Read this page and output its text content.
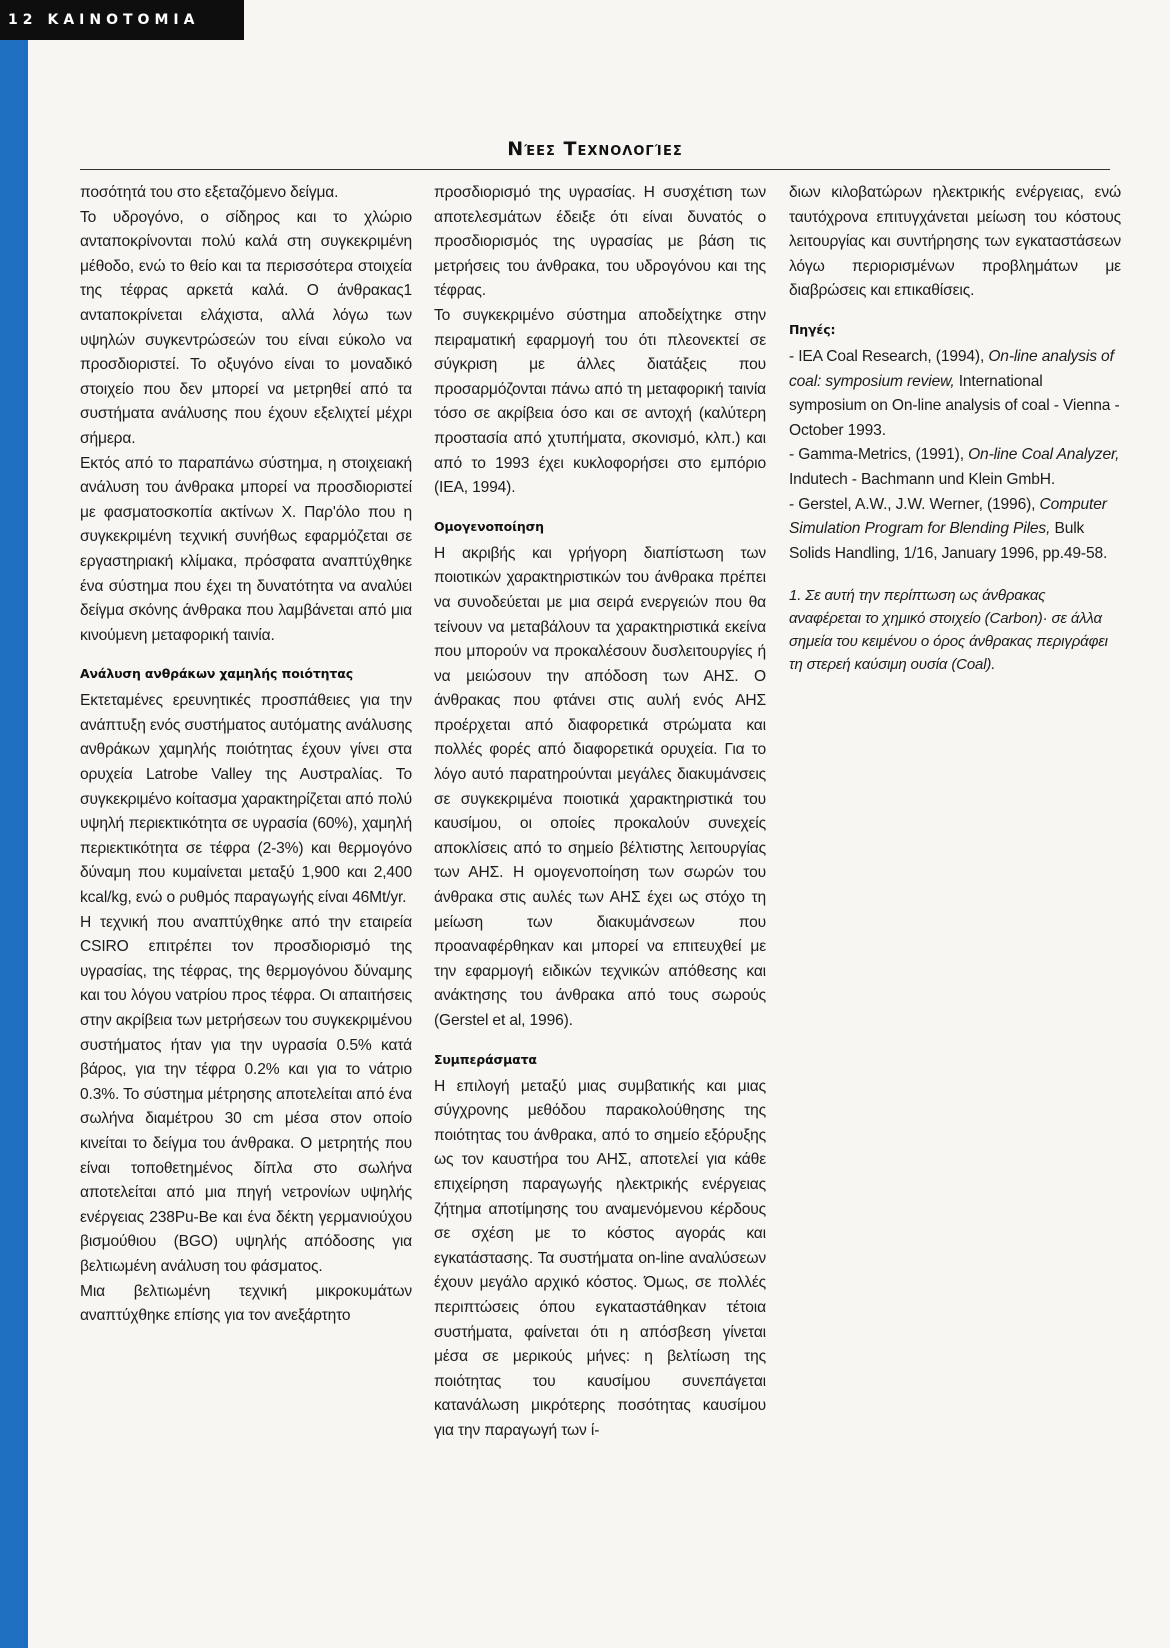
12 ΚΑΙΝΟΤΟΜΙΑ
Νέες Τεχνολογίες

ποσότητά του στο εξεταζόμενο δείγμα.

Το υδρογόνο, ο σίδηρος και το χλώριο ανταποκρίνονται πολύ καλά στη συγκεκριμένη μέθοδο, ενώ το θείο και τα περισσότερα στοιχεία της τέφρας αρκετά καλά. Ο άνθρακας1 ανταποκρίνεται ελάχιστα, αλλά λόγω των υψηλών συγκεντρώσεών του είναι εύκολο να προσδιοριστεί. Το οξυγόνο είναι το μοναδικό στοιχείο που δεν μπορεί να μετρηθεί από τα συστήματα ανάλυσης που έχουν εξελιχτεί μέχρι σήμερα.

Εκτός από το παραπάνω σύστημα, η στοιχειακή ανάλυση του άνθρακα μπορεί να προσδιοριστεί με φασματοσκοπία ακτίνων Χ. Παρ'όλο που η συγκεκριμένη τεχνική συνήθως εφαρμόζεται σε εργαστηριακή κλίμακα, πρόσφατα αναπτύχθηκε ένα σύστημα που έχει τη δυνατότητα να αναλύει δείγμα σκόνης άνθρακα που λαμβάνεται από μια κινούμενη μεταφορική ταινία.

Ανάλυση ανθράκων χαμηλής ποιότητας

Εκτεταμένες ερευνητικές προσπάθειες για την ανάπτυξη ενός συστήματος αυτόματης ανάλυσης ανθράκων χαμηλής ποιότητας έχουν γίνει στα ορυχεία Latrobe Valley της Αυστραλίας. Το συγκεκριμένο κοίτασμα χαρακτηρίζεται από πολύ υψηλή περιεκτικότητα σε υγρασία (60%), χαμηλή περιεκτικότητα σε τέφρα (2-3%) και θερμογόνο δύναμη που κυμαίνεται μεταξύ 1,900 και 2,400 kcal/kg, ενώ ο ρυθμός παραγωγής είναι 46Mt/yr.

Η τεχνική που αναπτύχθηκε από την εταιρεία CSIRO επιτρέπει τον προσδιορισμό της υγρασίας, της τέφρας, της θερμογόνου δύναμης και του λόγου νατρίου προς τέφρα. Οι απαιτήσεις στην ακρίβεια των μετρήσεων του συγκεκριμένου συστήματος ήταν για την υγρασία 0.5% κατά βάρος, για την τέφρα 0.2% και για το νάτριο 0.3%. Το σύστημα μέτρησης αποτελείται από ένα σωλήνα διαμέτρου 30 cm μέσα στον οποίο κινείται το δείγμα του άνθρακα. Ο μετρητής που είναι τοποθετημένος δίπλα στο σωλήνα αποτελείται από μια πηγή νετρονίων υψηλής ενέργειας 238Pu-Be και ένα δέκτη γερμανιούχου βισμούθιου (BGO) υψηλής απόδοσης για βελτιωμένη ανάλυση του φάσματος.

Μια βελτιωμένη τεχνική μικροκυμάτων αναπτύχθηκε επίσης για τον ανεξάρτητο

προσδιορισμό της υγρασίας. Η συσχέτιση των αποτελεσμάτων έδειξε ότι είναι δυνατός ο προσδιορισμός της υγρασίας με βάση τις μετρήσεις του άνθρακα, του υδρογόνου και της τέφρας.

Το συγκεκριμένο σύστημα αποδείχτηκε στην πειραματική εφαρμογή του ότι πλεονεκτεί σε σύγκριση με άλλες διατάξεις που προσαρμόζονται πάνω από τη μεταφορική ταινία τόσο σε ακρίβεια όσο και σε αντοχή (καλύτερη προστασία από χτυπήματα, σκονισμό, κλπ.) και από το 1993 έχει κυκλοφορήσει στο εμπόριο (IEA, 1994).

Ομογενοποίηση

Η ακριβής και γρήγορη διαπίστωση των ποιοτικών χαρακτηριστικών του άνθρακα πρέπει να συνοδεύεται με μια σειρά ενεργειών που θα τείνουν να μεταβάλουν τα χαρακτηριστικά εκείνα που μπορούν να προκαλέσουν δυσλειτουργίες ή να μειώσουν την απόδοση των ΑΗΣ. Ο άνθρακας που φτάνει στις αυλή ενός ΑΗΣ προέρχεται από διαφορετικά στρώματα και πολλές φορές από διαφορετικά ορυχεία. Για το λόγο αυτό παρατηρούνται μεγάλες διακυμάνσεις σε συγκεκριμένα ποιοτικά χαρακτηριστικά του καυσίμου, οι οποίες προκαλούν συνεχείς αποκλίσεις από το σημείο βέλτιστης λειτουργίας των ΑΗΣ. Η ομογενοποίηση των σωρών του άνθρακα στις αυλές των ΑΗΣ έχει ως στόχο τη μείωση των διακυμάνσεων που προαναφέρθηκαν και μπορεί να επιτευχθεί με την εφαρμογή ειδικών τεχνικών απόθεσης και ανάκτησης του άνθρακα από τους σωρούς (Gerstel et al, 1996).

Συμπεράσματα

Η επιλογή μεταξύ μιας συμβατικής και μιας σύγχρονης μεθόδου παρακολούθησης της ποιότητας του άνθρακα, από το σημείο εξόρυξης ως τον καυστήρα του ΑΗΣ, αποτελεί για κάθε επιχείρηση παραγωγής ηλεκτρικής ενέργειας ζήτημα αποτίμησης του αναμενόμενου κέρδους σε σχέση με το κόστος αγοράς και εγκατάστασης. Τα συστήματα on-line αναλύσεων έχουν μεγάλο αρχικό κόστος. Όμως, σε πολλές περιπτώσεις όπου εγκαταστάθηκαν τέτοια συστήματα, φαίνεται ότι η απόσβεση γίνεται μέσα σε μερικούς μήνες: η βελτίωση της ποιότητας του καυσίμου συνεπάγεται κατανάλωση μικρότερης ποσότητας καυσίμου για την παραγωγή των ί-

διων κιλοβατώρων ηλεκτρικής ενέργειας, ενώ ταυτόχρονα επιτυγχάνεται μείωση του κόστους λειτουργίας και συντήρησης των εγκαταστάσεων λόγω περιορισμένων προβλημάτων με διαβρώσεις και επικαθίσεις.

Πηγές:

- IEA Coal Research, (1994), On-line analysis of coal: symposium review, International symposium on On-line analysis of coal - Vienna - October 1993.

- Gamma-Metrics, (1991), On-line Coal Analyzer, Indutech - Bachmann und Klein GmbH.

- Gerstel, A.W., J.W. Werner, (1996), Computer Simulation Program for Blending Piles, Bulk Solids Handling, 1/16, January 1996, pp.49-58.

1. Σε αυτή την περίπτωση ως άνθρακας αναφέρεται το χημικό στοιχείο (Carbon)· σε άλλα σημεία του κειμένου ο όρος άνθρακας περιγράφει τη στερεή καύσιμη ουσία (Coal).
